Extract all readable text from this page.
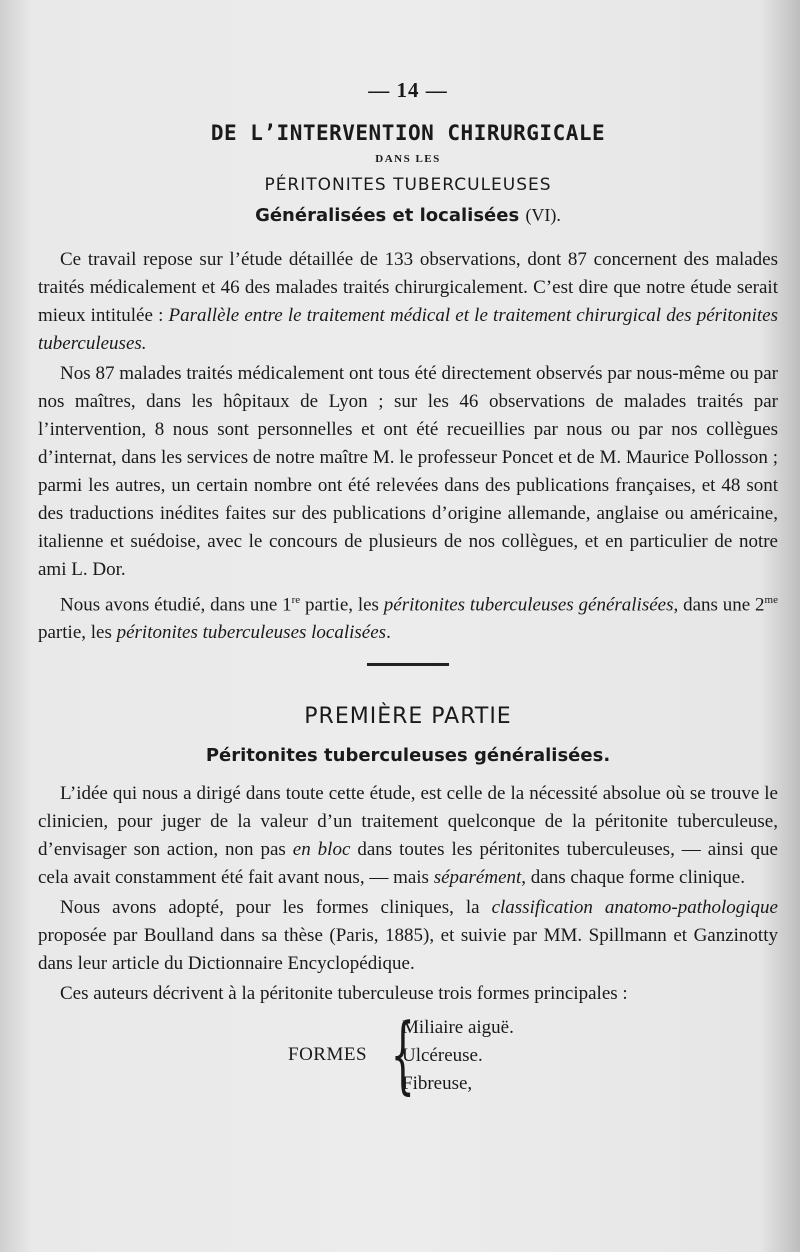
— 14 —
DE L’INTERVENTION CHIRURGICALE
DANS LES
PÉRITONITES TUBERCULEUSES
Généralisées et localisées (VI).

Ce travail repose sur l’étude détaillée de 133 observations, dont 87 concernent des malades traités médicalement et 46 des malades traités chirurgicalement. C’est dire que notre étude serait mieux intitulée : Parallèle entre le traitement médical et le traitement chirurgical des péritonites tuberculeuses.

Nos 87 malades traités médicalement ont tous été directement observés par nous-même ou par nos maîtres, dans les hôpitaux de Lyon ; sur les 46 observations de malades traités par l’intervention, 8 nous sont personnelles et ont été recueillies par nous ou par nos collègues d’internat, dans les services de notre maître M. le professeur Poncet et de M. Maurice Pollosson ; parmi les autres, un certain nombre ont été relevées dans des publications françaises, et 48 sont des traductions inédites faites sur des publications d’origine allemande, anglaise ou américaine, italienne et suédoise, avec le concours de plusieurs de nos collègues, et en particulier de notre ami L. Dor.

Nous avons étudié, dans une 1re partie, les péritonites tuberculeuses généralisées, dans une $2^{me}$ partie, les péritonites tuberculeuses localisées.

PREMIÈRE PARTIE
Péritonites tuberculeuses généralisées.

L’idée qui nous a dirigé dans toute cette étude, est celle de la nécessité absolue où se trouve le clinicien, pour juger de la valeur d’un traitement quelconque de la péritonite tuberculeuse, d’envisager son action, non pas en bloc dans toutes les péritonites tuberculeuses, — ainsi que cela avait constamment été fait avant nous, — mais séparément, dans chaque forme clinique.

Nous avons adopté, pour les formes cliniques, la classification anatomo-pathologique proposée par Boulland dans sa thèse (Paris, 1885), et suivie par MM. Spillmann et Ganzinotty dans leur article du Dictionnaire Encyclopédique.

Ces auteurs décrivent à la péritonite tuberculeuse trois formes principales :

FORMES {
Miliaire aiguë.
Ulcéreuse.
Fibreuse,
